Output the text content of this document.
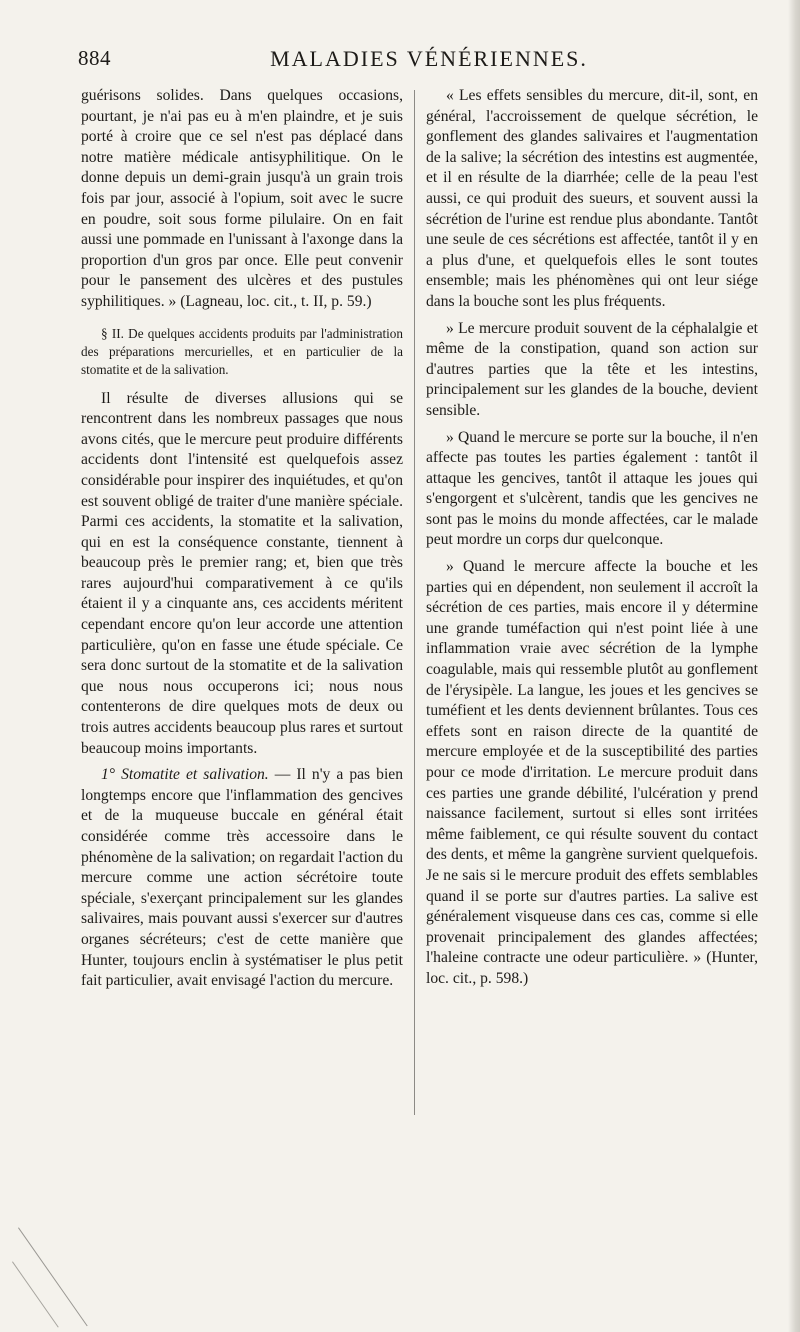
884	MALADIES VÉNÉRIENNES.

guérisons solides. Dans quelques occasions, pourtant, je n'ai pas eu à m'en plaindre, et je suis porté à croire que ce sel n'est pas déplacé dans notre matière médicale antisyphilitique. On le donne depuis un demi-grain jusqu'à un grain trois fois par jour, associé à l'opium, soit avec le sucre en poudre, soit sous forme pilulaire. On en fait aussi une pommade en l'unissant à l'axonge dans la proportion d'un gros par once. Elle peut convenir pour le pansement des ulcères et des pustules syphilitiques. » (Lagneau, loc. cit., t. II, p. 59.)

§ II. De quelques accidents produits par l'administration des préparations mercurielles, et en particulier de la stomatite et de la salivation.

Il résulte de diverses allusions qui se rencontrent dans les nombreux passages que nous avons cités, que le mercure peut produire différents accidents dont l'intensité est quelquefois assez considérable pour inspirer des inquiétudes, et qu'on est souvent obligé de traiter d'une manière spéciale. Parmi ces accidents, la stomatite et la salivation, qui en est la conséquence constante, tiennent à beaucoup près le premier rang; et, bien que très rares aujourd'hui comparativement à ce qu'ils étaient il y a cinquante ans, ces accidents méritent cependant encore qu'on leur accorde une attention particulière, qu'on en fasse une étude spéciale. Ce sera donc surtout de la stomatite et de la salivation que nous nous occuperons ici; nous nous contenterons de dire quelques mots de deux ou trois autres accidents beaucoup plus rares et surtout beaucoup moins importants.

1° Stomatite et salivation. — Il n'y a pas bien longtemps encore que l'inflammation des gencives et de la muqueuse buccale en général était considérée comme très accessoire dans le phénomène de la salivation; on regardait l'action du mercure comme une action sécrétoire toute spéciale, s'exerçant principalement sur les glandes salivaires, mais pouvant aussi s'exercer sur d'autres organes sécréteurs; c'est de cette manière que Hunter, toujours enclin à systématiser le plus petit fait particulier, avait envisagé l'action du mercure.

« Les effets sensibles du mercure, dit-il, sont, en général, l'accroissement de quelque sécrétion, le gonflement des glandes salivaires et l'augmentation de la salive; la sécrétion des intestins est augmentée, et il en résulte de la diarrhée; celle de la peau l'est aussi, ce qui produit des sueurs, et souvent aussi la sécrétion de l'urine est rendue plus abondante. Tantôt une seule de ces sécrétions est affectée, tantôt il y en a plus d'une, et quelquefois elles le sont toutes ensemble; mais les phénomènes qui ont leur siége dans la bouche sont les plus fréquents.

» Le mercure produit souvent de la céphalalgie et même de la constipation, quand son action sur d'autres parties que la tête et les intestins, principalement sur les glandes de la bouche, devient sensible.

» Quand le mercure se porte sur la bouche, il n'en affecte pas toutes les parties également : tantôt il attaque les gencives, tantôt il attaque les joues qui s'engorgent et s'ulcèrent, tandis que les gencives ne sont pas le moins du monde affectées, car le malade peut mordre un corps dur quelconque.

» Quand le mercure affecte la bouche et les parties qui en dépendent, non seulement il accroît la sécrétion de ces parties, mais encore il y détermine une grande tuméfaction qui n'est point liée à une inflammation vraie avec sécrétion de la lymphe coagulable, mais qui ressemble plutôt au gonflement de l'érysipèle. La langue, les joues et les gencives se tuméfient et les dents deviennent brûlantes. Tous ces effets sont en raison directe de la quantité de mercure employée et de la susceptibilité des parties pour ce mode d'irritation. Le mercure produit dans ces parties une grande débilité, l'ulcération y prend naissance facilement, surtout si elles sont irritées même faiblement, ce qui résulte souvent du contact des dents, et même la gangrène survient quelquefois. Je ne sais si le mercure produit des effets semblables quand il se porte sur d'autres parties. La salive est généralement visqueuse dans ces cas, comme si elle provenait principalement des glandes affectées; l'haleine contracte une odeur particulière. » (Hunter, loc. cit., p. 598.)
